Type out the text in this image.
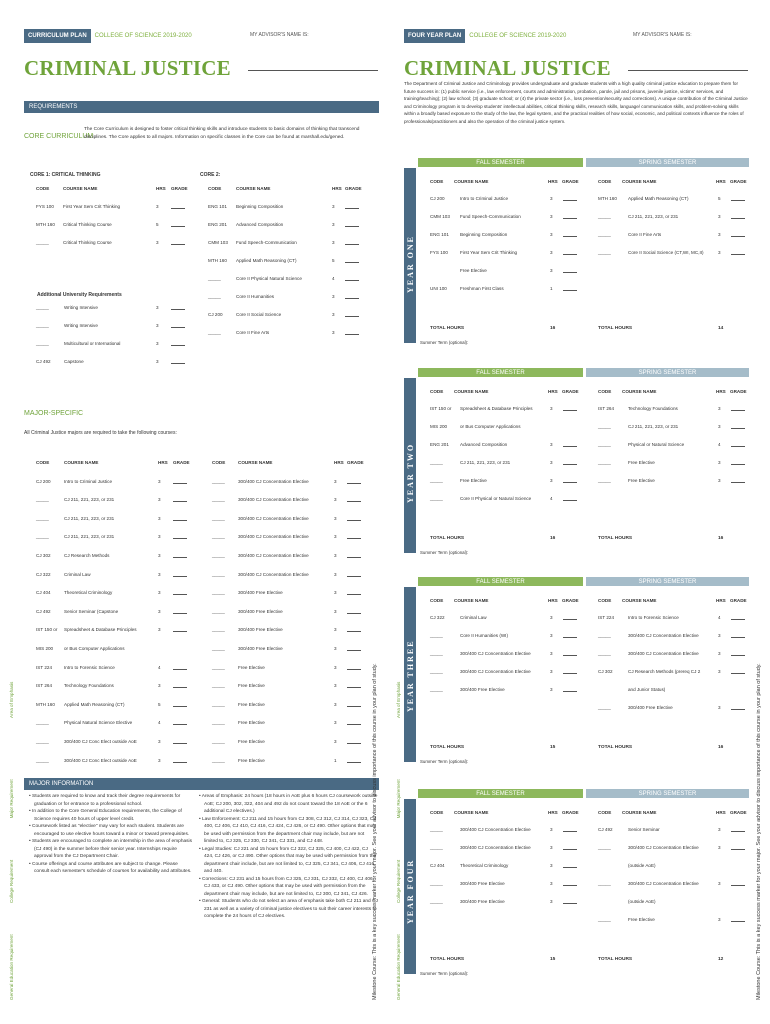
CURRICULUM PLAN	COLLEGE OF SCIENCE 2019-2020	MY ADVISOR'S NAME IS:
CRIMINAL JUSTICE
REQUIREMENTS
CORE CURRICULUM
The Core Curriculum is designed to foster critical thinking skills and introduce students to basic domains of thinking that transcend disciplines. The Core applies to all majors. Information on specific classes in the Core can be found at marshall.edu/gened.
CORE 1: CRITICAL THINKING	CORE 2:
CODE	COURSE NAME	HRS GRADE
FYS 100 First Year Sem Crit Thinking	3
MTH 160 Critical Thinking Course	5
_____	Critical Thinking Course	3
CODE	COURSE NAME	HRS GRADE
ENG 101 Beginning Composition	3
ENG 201 Advanced Composition	3
CMM 103 Fund Speech-Communication	3
MTH 160 Applied Math Reasoning (CT)	5
_____	Core II Physical Natural Science	4
_____	Core II Humanities	3
CJ 200	Core II Social Science	3
_____	Core II Fine Arts	3
Additional University Requirements
_____	Writing Intensive	3
_____	Writing Intensive	3
_____	Multicultural or International	3
CJ 492	Capstone	3
MAJOR-SPECIFIC
All Criminal Justice majors are required to take the following courses:
CODE	COURSE NAME	HRS GRADE
CJ 200	Intro to Criminal Justice	3
_____	CJ 211, 221, 223, or 231	3
_____	CJ 211, 221, 223, or 231	3
_____	CJ 211, 221, 223, or 231	3
CJ 302	CJ Research Methods	3
CJ 322	Criminal Law	3
CJ 404	Theoretical Criminology	3
CJ 492	Senior Seminar (Capstone	3
IST 150 or Spreadsheet & Database Principles	3
MIS 200 or Bus Computer Applications
IST 224	Intro to Forensic Science	4
IST 264	Technology Foundations	3
MTH 160 Applied Math Reasoning (CT)	5
_____	Physical Natural Science Elective	4
_____	300/400 CJ Conc Elect outside AoE	3
_____	300/400 CJ Conc Elect outside AoE	3
CODE	COURSE NAME	HRS GRADE
_____	300/400 CJ Concentration Elective	3
_____	300/400 CJ Concentration Elective	3
_____	300/400 CJ Concentration Elective	3
_____	300/400 CJ Concentration Elective	3
_____	300/400 CJ Concentration Elective	3
_____	300/400 CJ Concentration Elective	3
_____	300/400 Free Elective	3
_____	300/400 Free Elective	3
_____	300/400 Free Elective	3
_____	300/400 Free Elective	3
_____	Free Elective	3
_____	Free Elective	3
_____	Free Elective	3
_____	Free Elective	3
_____	Free Elective	3
_____	Free Elective	1
MAJOR INFORMATION
• Students are required to know and track their degree requirements for graduation or for entrance to a professional school.
• In addition to the Core General Education requirements, the College of Science requires 40 hours of upper level credit.
• Coursework listed as "elective" may vary for each student. Students are encouraged to use elective hours toward a minor or toward prerequisites.
• Students are encouraged to complete an internship in the area of emphasis (CJ 490) in the summer before their senior year. Internships require approval from the CJ Department Chair.
• Course offerings and course attributes are subject to change. Please consult each semester's schedule of courses for availability and attributes.
• Areas of Emphasis: 24 hours (18 hours in AoE plus 6 hours CJ coursework outside AoE; CJ 200, 302, 322, 404 and 492 do not count toward the 18 AoE or the 6 additional CJ electives.)
• Law Enforcement: CJ 211 and 15 hours from CJ 308, CJ 312, CJ 314, CJ 323, CJ 400, CJ 406, CJ 410, CJ 416, CJ 424, CJ 426, or CJ 490. Other options that may be used with permission from the department chair may include, but are not limited to, CJ 325, CJ 330, CJ 341, CJ 331, and CJ 448.
• Legal Studies: CJ 221 and 15 hours from CJ 322, CJ 325, CJ 400, CJ 422, CJ 424, CJ 426, or CJ 490. Other options that may be used with permission from the department chair include, but are not limited to, CJ 325, CJ 341, CJ 406, CJ 416, and 440.
• Corrections: CJ 231 and 15 hours from CJ 325, CJ 331, CJ 332, CJ 400, CJ 406, CJ 433, or CJ 490. Other options that may be used with permission from the department chair may include, but are not limited to, CJ 300, CJ 341, CJ 426.
• General: Students who do not select an area of emphasis take both CJ 211 and CJ 231 as well as a variety of criminal justice electives to suit their career interests to complete the 24 hours of CJ electives.
General Education Requirement College Requirement Major Requirement Area of Emphasis	Milestone Course: This is a key success marker for your major. See your advisor to discuss importance of this course in your plan of study.
FOUR YEAR PLAN	COLLEGE OF SCIENCE 2019-2020	MY ADVISOR'S NAME IS:
CRIMINAL JUSTICE
The Department of Criminal Justice and Criminology provides undergraduate and graduate students with a high quality criminal justice education to prepare them for future success in: (1) public service (i.e., law enforcement, courts and administration, probation, parole, jail and prisons, juvenile justice, victims' services, and training/teaching); (2) law school; (3) graduate school; or (4) the private sector (i.e., loss prevention/security and corrections). A unique contribution of the Criminal Justice and Criminology program is to develop students' intellectual abilities, critical thinking skills, research skills, language/ communication skills, and problem-solving skills within a broadly based exposure to the study of the law, the legal system, and the practical realities of how social, economic, and political contexts influence the roles of professionals/practitioners and also the operation of the criminal justice system.
YEAR ONE
FALL SEMESTER	SPRING SEMESTER
CODE COURSE NAME	HRS GRADE
CJ 200	Intro to Criminal Justice	3
CMM 103 Fund Speech-Communication	3
ENG 101 Beginning Composition	3
FYS 100	First Year Sem Crit Thinking	3
Free Elective	3
UNI 100	Freshman First Class	1
TOTAL HOURS	16
CODE COURSE NAME	HRS GRADE
MTH 160 Applied Math Reasoning (CT)	5
_____	CJ 211, 221, 223, or 231	3
_____	Core II Fine Arts	3
_____	Core II Social Science (CT,WI, MC,II)	3
TOTAL HOURS	14
Summer Term (optional):
YEAR TWO
FALL SEMESTER	SPRING SEMESTER
CODE COURSE NAME	HRS GRADE
IST 150 or Spreadsheet & Database Principles	3
MIS 200	or Bus Computer Applications
ENG 201 Advanced Composition	3
_____	CJ 211, 221, 223, or 231	3
_____	Free Elective	3
_____	Core II Physical or Natural Science	4
TOTAL HOURS	16
CODE COURSE NAME	HRS GRADE
IST 264	Technology Foundations	3
_____	CJ 211, 221, 223, or 231	3
_____	Physical or Natural Science	4
_____	Free Elective	3
_____	Free Elective	3
TOTAL HOURS	16
Summer Term (optional):
YEAR THREE
FALL SEMESTER	SPRING SEMESTER
CODE COURSE NAME	HRS GRADE
CJ 322	Criminal Law	3
_____	Core II Humanities (WI)	3
_____	300/400 CJ Concentration Elective	3
_____	300/400 CJ Concentration Elective	3
_____	300/400 Free Elective	3
TOTAL HOURS	15
CODE COURSE NAME	HRS GRADE
IST 224	Intro to Forensic Science	4
_____	300/400 CJ Concentration Elective	3
_____	300/400 CJ Concentration Elective	3
CJ 302	CJ Research Methods (prereq CJ 2	3
and Junior Status)
_____	300/400 Free Elective	3
TOTAL HOURS	16
Summer Term (optional):
YEAR FOUR
FALL SEMESTER	SPRING SEMESTER
CODE COURSE NAME	HRS GRADE
_____	300/400 CJ Concentration Elective	3
_____	300/400 CJ Concentration Elective	3
CJ 404	Theoretical Criminology	3
_____	300/400 Free Elective	3
_____	300/400 Free Elective	3
TOTAL HOURS	15
CODE COURSE NAME	HRS GRADE
CJ 492	Senior Seminar	3
_____	300/400 CJ Concentration Elective	3
(outside AoE)
_____	300/400 CJ Concentration Elective	3
(outside AoE)
_____	Free Elective	3
TOTAL HOURS	12
Summer Term (optional):
General Education Requirement College Requirement Major Requirement Area of Emphasis	Milestone Course: This is a key success marker for your major. See your advisor to discuss importance of this course in your plan of study.
